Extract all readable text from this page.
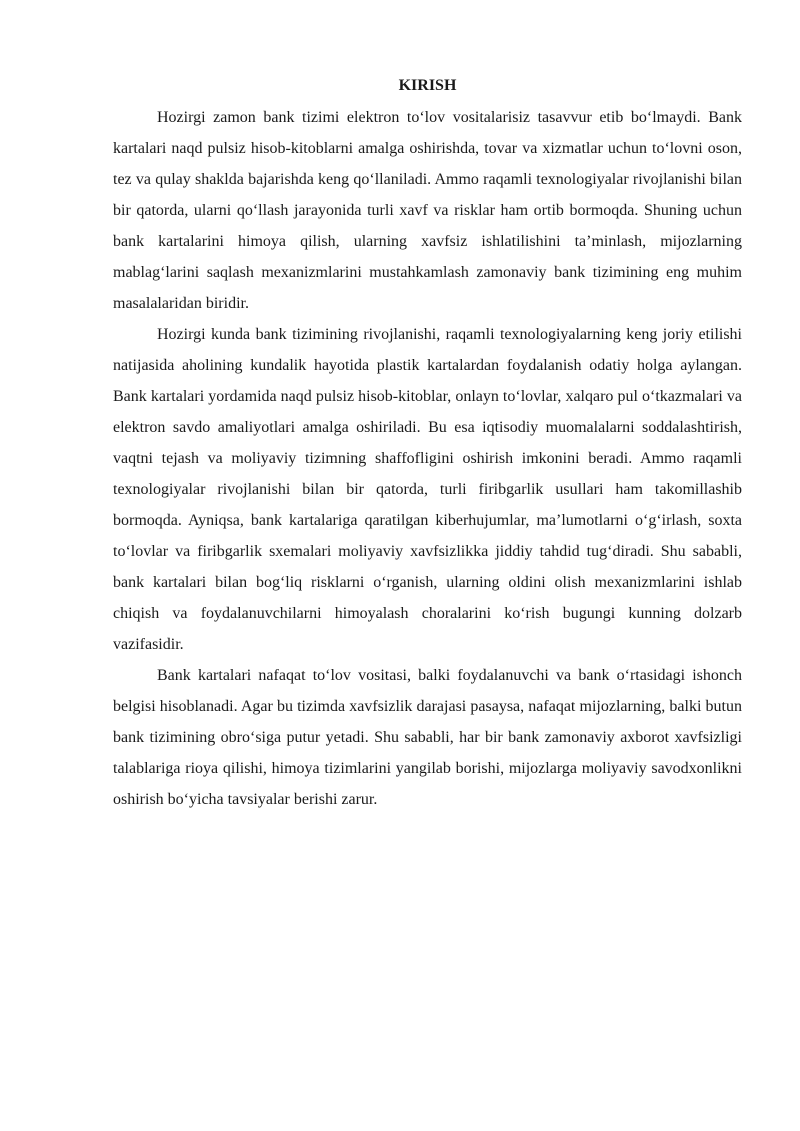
KIRISH

Hozirgi zamon bank tizimi elektron to‘lov vositalarisiz tasavvur etib bo‘lmaydi. Bank kartalari naqd pulsiz hisob-kitoblarni amalga oshirishda, tovar va xizmatlar uchun to‘lovni oson, tez va qulay shaklda bajarishda keng qo‘llaniladi. Ammo raqamli texnologiyalar rivojlanishi bilan bir qatorda, ularni qo‘llash jarayonida turli xavf va risklar ham ortib bormoqda. Shuning uchun bank kartalarini himoya qilish, ularning xavfsiz ishlatilishini ta’minlash, mijozlarning mablag‘larini saqlash mexanizmlarini mustahkamlash zamonaviy bank tizimining eng muhim masalalaridan biridir.

Hozirgi kunda bank tizimining rivojlanishi, raqamli texnologiyalarning keng joriy etilishi natijasida aholining kundalik hayotida plastik kartalardan foydalanish odatiy holga aylangan. Bank kartalari yordamida naqd pulsiz hisob-kitoblar, onlayn to‘lovlar, xalqaro pul o‘tkazmalari va elektron savdo amaliyotlari amalga oshiriladi. Bu esa iqtisodiy muomalalarni soddalashtirish, vaqtni tejash va moliyaviy tizimning shaffofligini oshirish imkonini beradi. Ammo raqamli texnologiyalar rivojlanishi bilan bir qatorda, turli firibgarlik usullari ham takomillashib bormoqda. Ayniqsa, bank kartalariga qaratilgan kiberhujumlar, ma’lumotlarni o‘g‘irlash, soxta to‘lovlar va firibgarlik sxemalari moliyaviy xavfsizlikka jiddiy tahdid tug‘diradi. Shu sababli, bank kartalari bilan bog‘liq risklarni o‘rganish, ularning oldini olish mexanizmlarini ishlab chiqish va foydalanuvchilarni himoyalash choralarini ko‘rish bugungi kunning dolzarb vazifasidir.

Bank kartalari nafaqat to‘lov vositasi, balki foydalanuvchi va bank o‘rtasidagi ishonch belgisi hisoblanadi. Agar bu tizimda xavfsizlik darajasi pasaysa, nafaqat mijozlarning, balki butun bank tizimining obro‘siga putur yetadi. Shu sababli, har bir bank zamonaviy axborot xavfsizligi talablariga rioya qilishi, himoya tizimlarini yangilab borishi, mijozlarga moliyaviy savodxonlikni oshirish bo‘yicha tavsiyalar berishi zarur.
